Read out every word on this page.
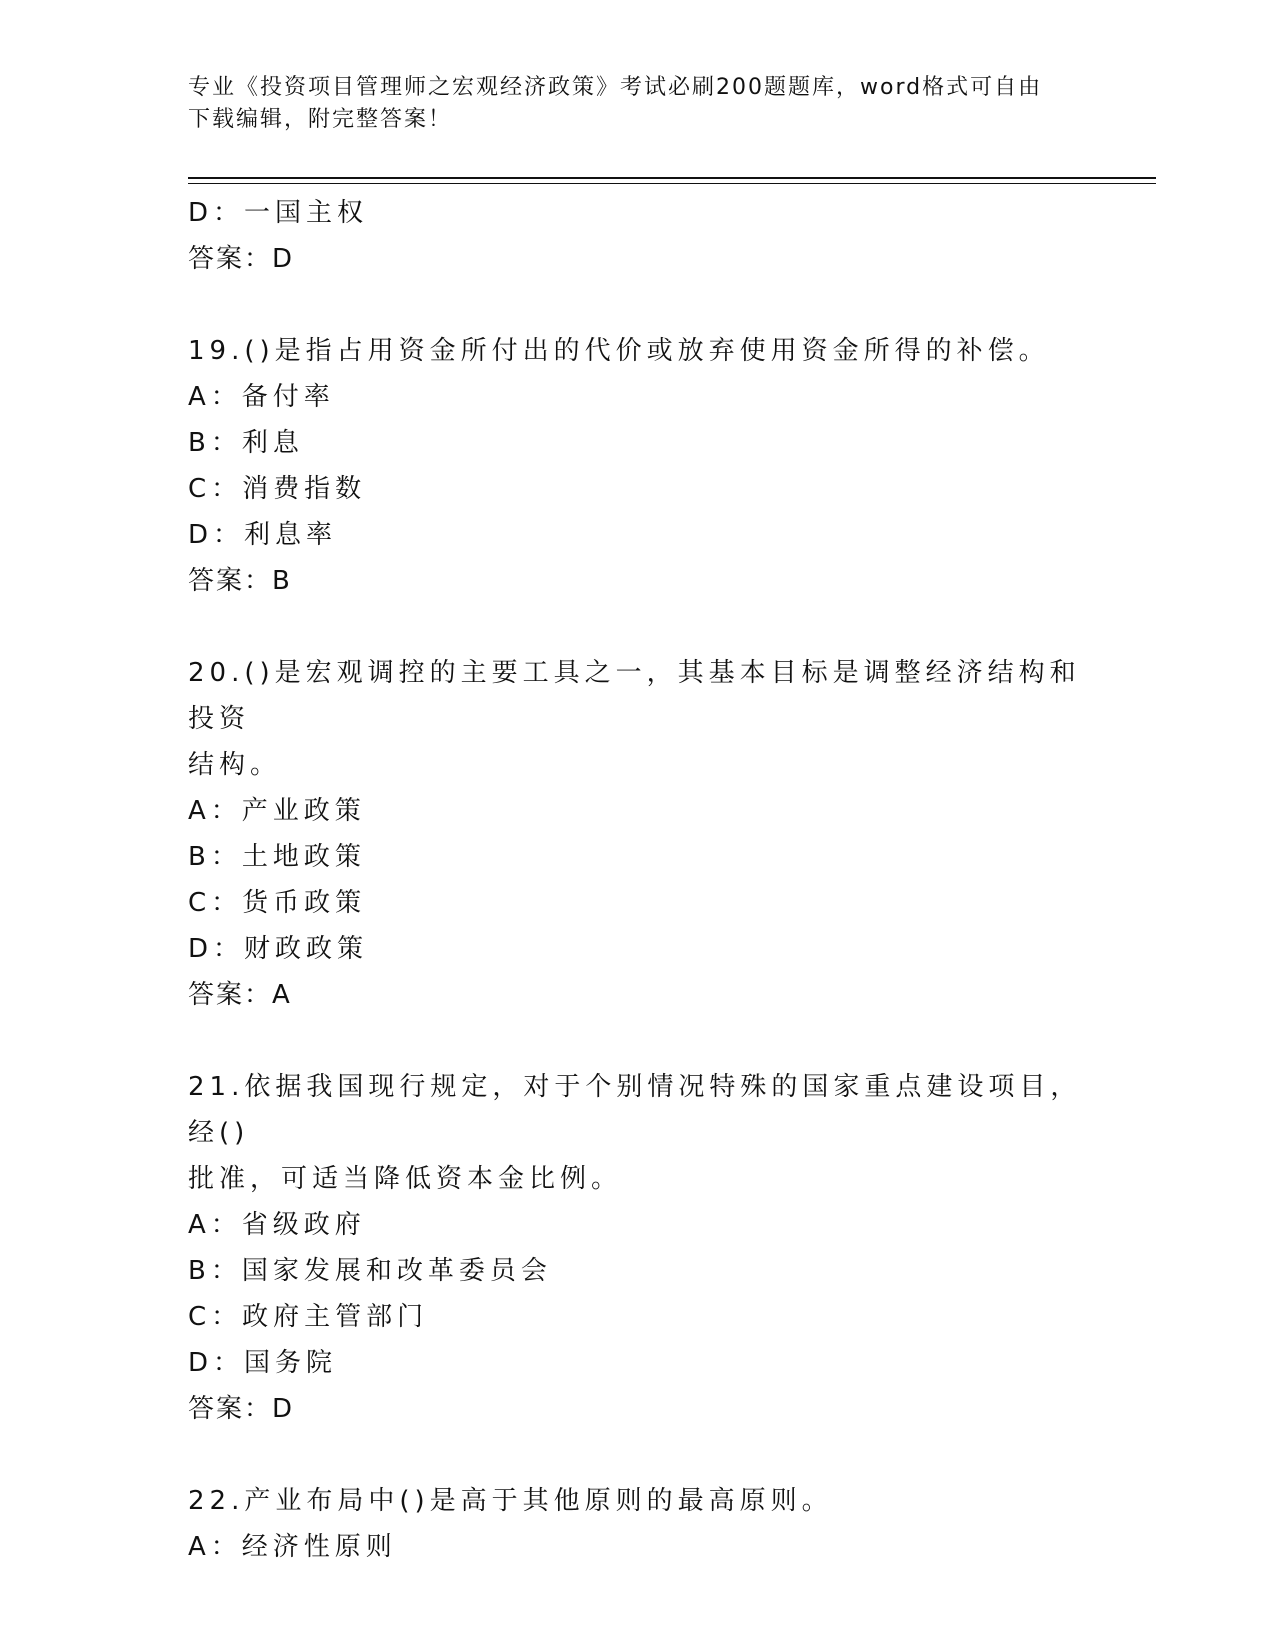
专业《投资项目管理师之宏观经济政策》考试必刷200题题库，word格式可自由
下载编辑，附完整答案！
D：一国主权
答案：D
19.()是指占用资金所付出的代价或放弃使用资金所得的补偿。
A：备付率
B：利息
C：消费指数
D：利息率
答案：B
20.()是宏观调控的主要工具之一，其基本目标是调整经济结构和投资
结构。
A：产业政策
B：土地政策
C：货币政策
D：财政政策
答案：A
21.依据我国现行规定，对于个别情况特殊的国家重点建设项目，经()
批准，可适当降低资本金比例。
A：省级政府
B：国家发展和改革委员会
C：政府主管部门
D：国务院
答案：D
22.产业布局中()是高于其他原则的最高原则。
A：经济性原则
